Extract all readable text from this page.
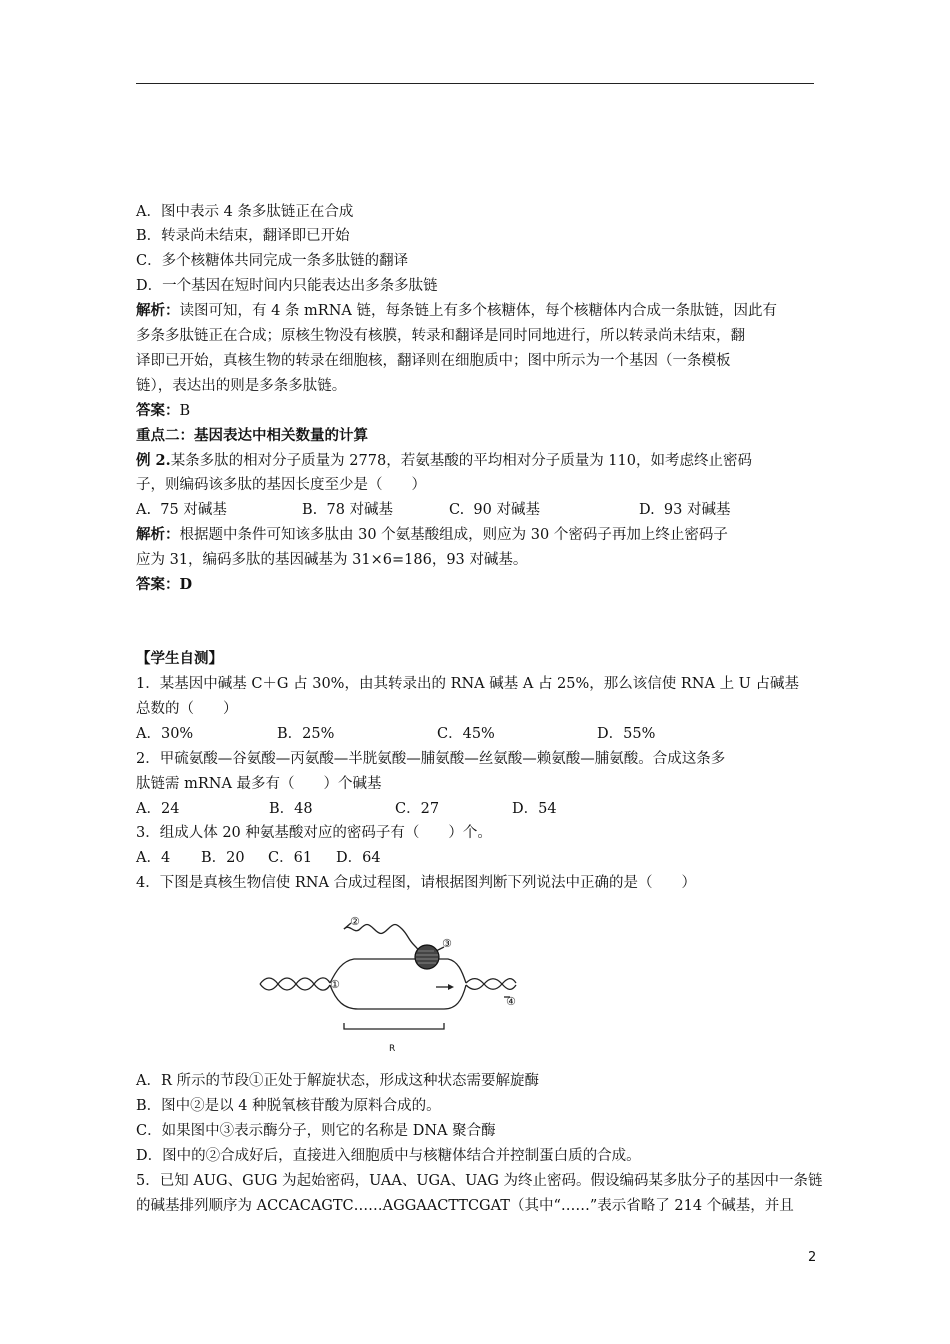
A．图中表示 4 条多肽链正在合成
B．转录尚未结束，翻译即已开始
C．多个核糖体共同完成一条多肽链的翻译
D．一个基因在短时间内只能表达出多条多肽链
解析：读图可知，有 4 条 mRNA 链，每条链上有多个核糖体，每个核糖体内合成一条肽链，因此有
多条多肽链正在合成；原核生物没有核膜，转录和翻译是同时同地进行，所以转录尚未结束，翻
译即已开始，真核生物的转录在细胞核，翻译则在细胞质中；图中所示为一个基因（一条模板
链），表达出的则是多条多肽链。
答案：B
重点二：基因表达中相关数量的计算
例 2.某条多肽的相对分子质量为 2778，若氨基酸的平均相对分子质量为 110，如考虑终止密码
子，则编码该多肽的基因长度至少是（　　）
A.  75 对碱基	B.  78 对碱基	C.  90 对碱基	D.  93 对碱基
解析：根据题中条件可知该多肽由 30 个氨基酸组成，则应为 30 个密码子再加上终止密码子
应为 31，编码多肽的基因碱基为 31×6=186，93 对碱基。
答案：D
【学生自测】
1．某基因中碱基 C＋G 占 30%，由其转录出的 RNA 碱基 A 占 25%，那么该信使 RNA 上 U 占碱基
总数的（　　）
A．30%	B．25%	C．45%	D．55%
2．甲硫氨酸—谷氨酸—丙氨酸—半胱氨酸—脯氨酸—丝氨酸—赖氨酸—脯氨酸。合成这条多
肽链需 mRNA 最多有（　　）个碱基
A．24	B．48	C．27	D．54
3．组成人体 20 种氨基酸对应的密码子有（　　）个。
A．4 B．20 C．61 D．64
4．下图是真核生物信使 RNA 合成过程图，请根据图判断下列说法中正确的是（　　）
①
②
③
④
R
A．R 所示的节段①正处于解旋状态，形成这种状态需要解旋酶
B．图中②是以 4 种脱氧核苷酸为原料合成的。
C．如果图中③表示酶分子，则它的名称是 DNA 聚合酶
D．图中的②合成好后，直接进入细胞质中与核糖体结合并控制蛋白质的合成。
5．已知 AUG、GUG 为起始密码，UAA、UGA、UAG 为终止密码。假设编码某多肽分子的基因中一条链
的碱基排列顺序为 ACCACAGTC……AGGAACTTCGAT（其中“……”表示省略了 214 个碱基，并且
2
